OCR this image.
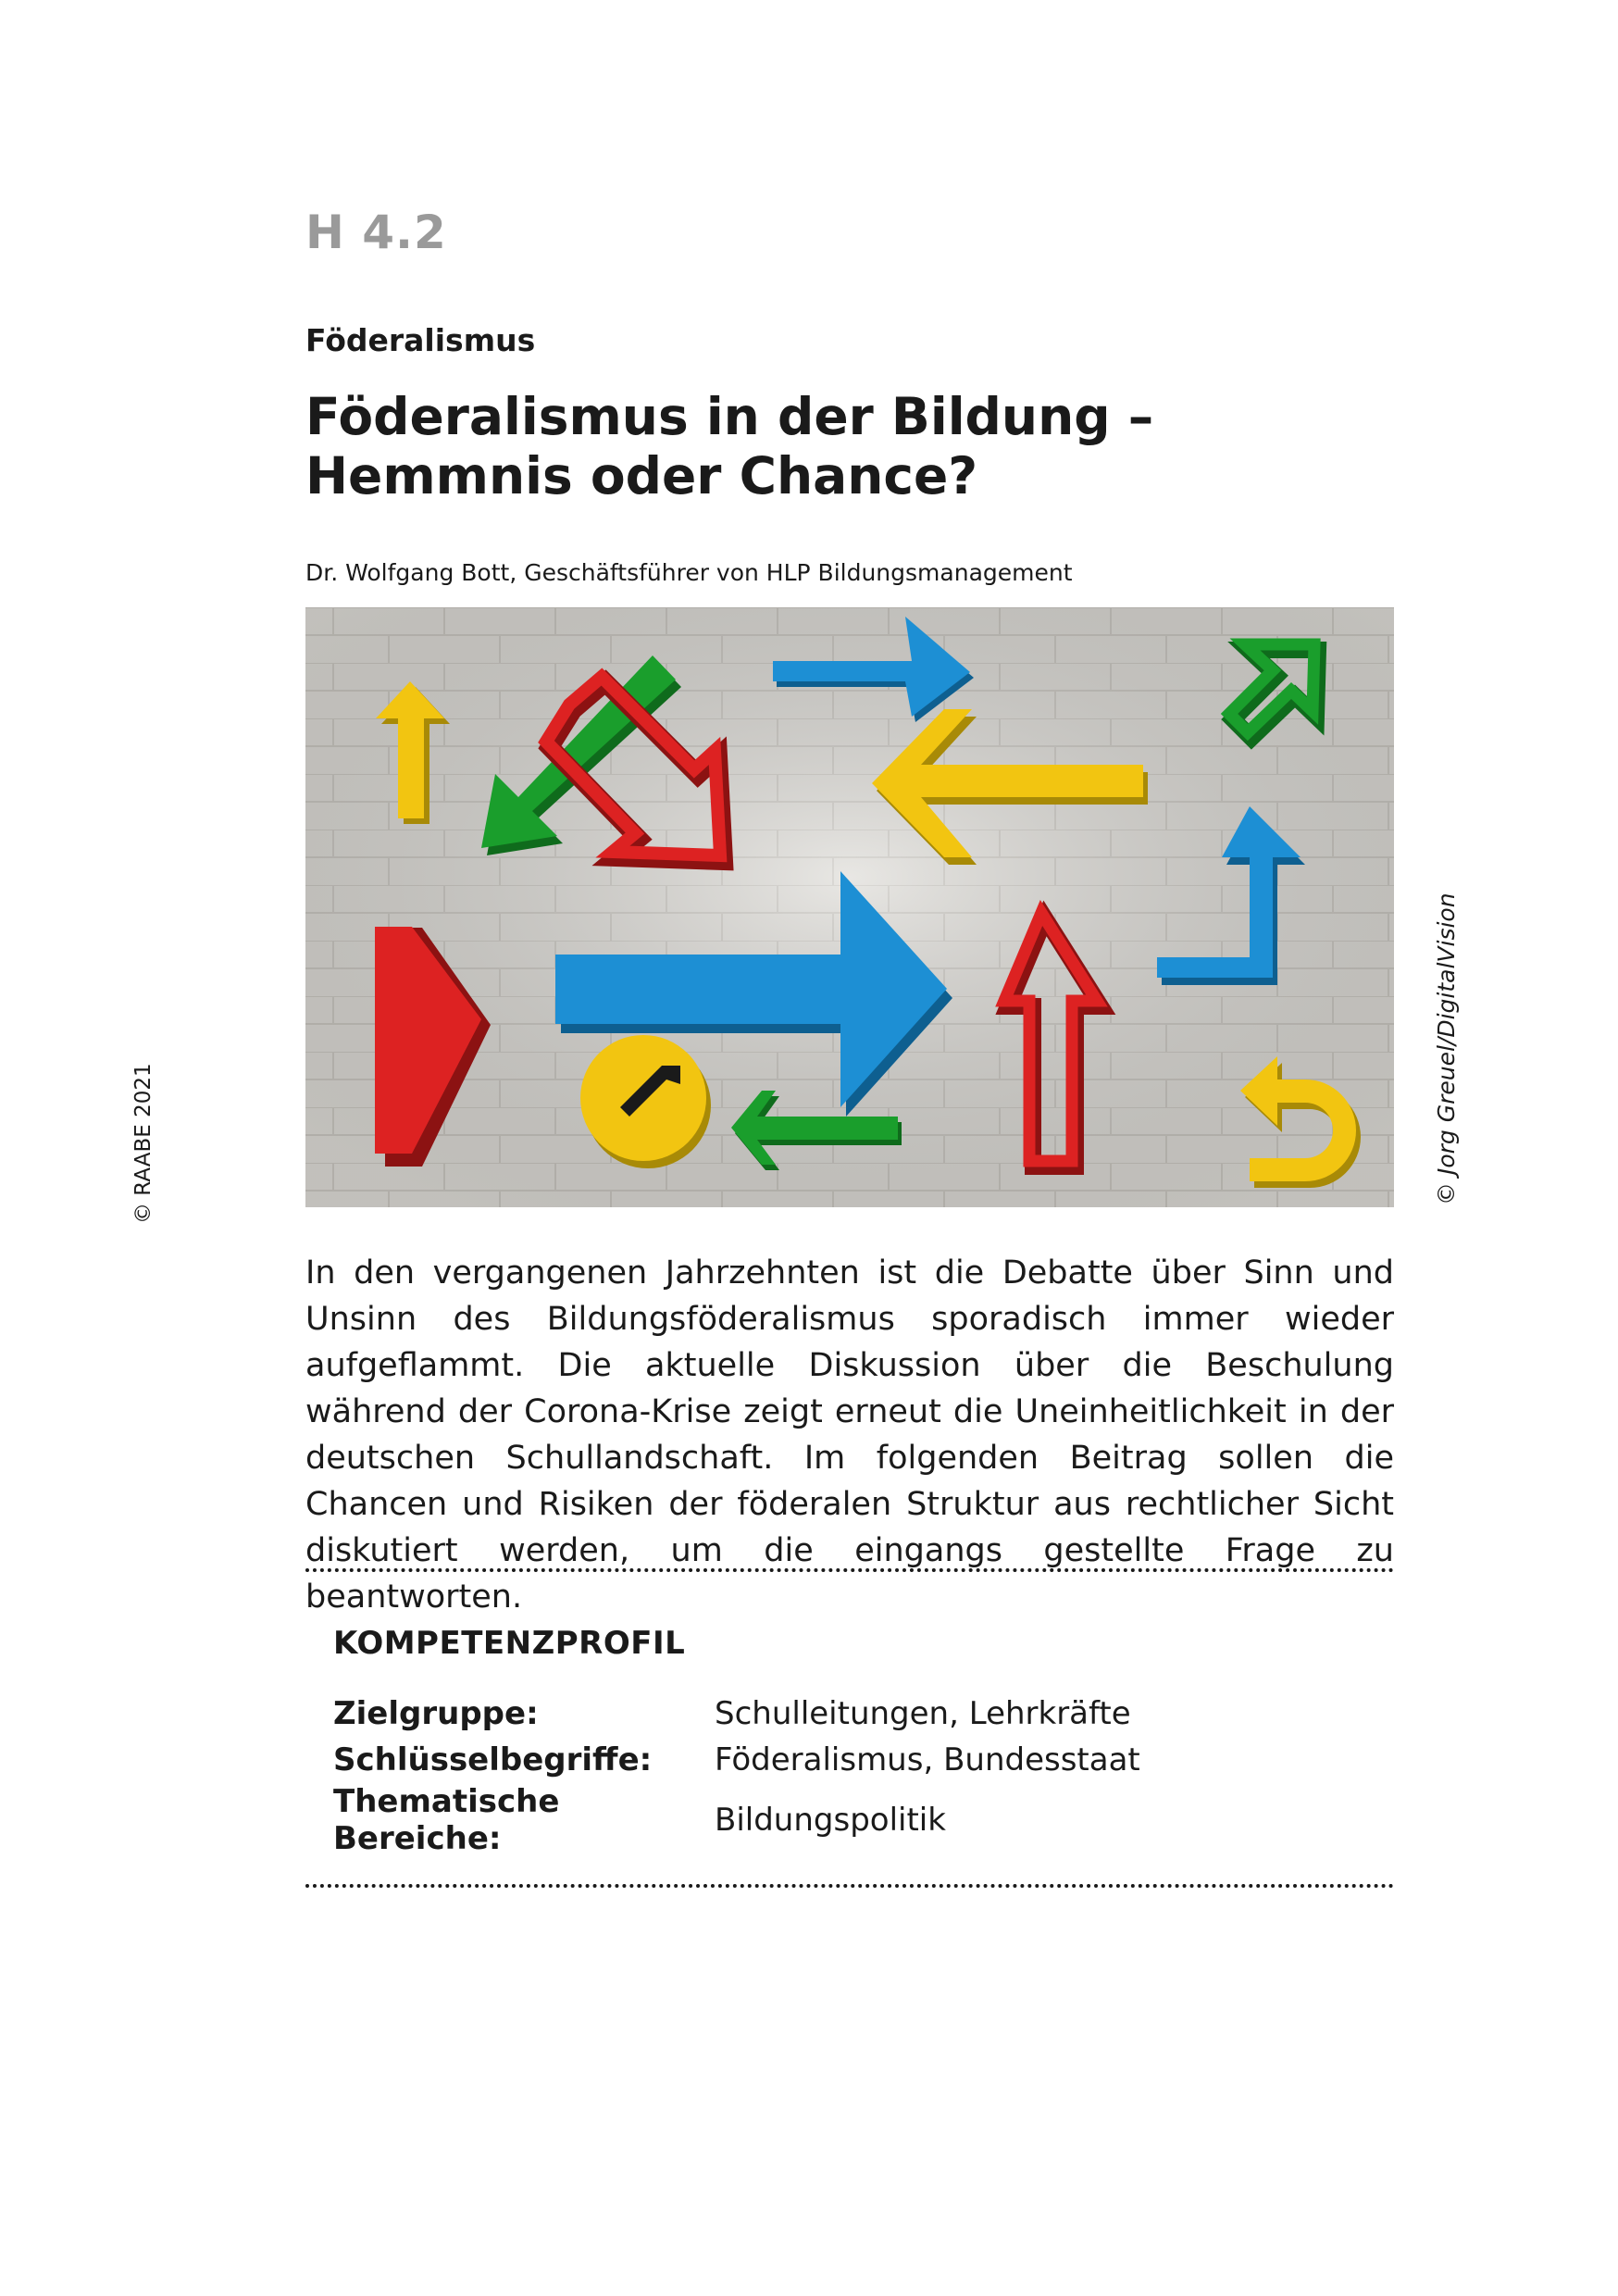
H 4.2
Föderalismus
Föderalismus in der Bildung – Hemmnis oder Chance?
Dr. Wolfgang Bott, Geschäftsführer von HLP Bildungsmanagement
© Jorg Greuel/DigitalVision
© RAABE 2021

In den vergangenen Jahrzehnten ist die Debatte über Sinn und Unsinn des Bildungsföderalismus sporadisch immer wieder aufgeflammt. Die aktuelle Diskussion über die Beschulung während der Corona-Krise zeigt erneut die Uneinheitlichkeit in der deutschen Schullandschaft. Im folgenden Beitrag sollen die Chancen und Risiken der föderalen Struktur aus rechtlicher Sicht diskutiert werden, um die eingangs gestellte Frage zu beantworten.

KOMPETENZPROFIL
Zielgruppe:	Schulleitungen, Lehrkräfte
Schlüsselbegriffe:	Föderalismus, Bundesstaat
Thematische Bereiche:	Bildungspolitik
